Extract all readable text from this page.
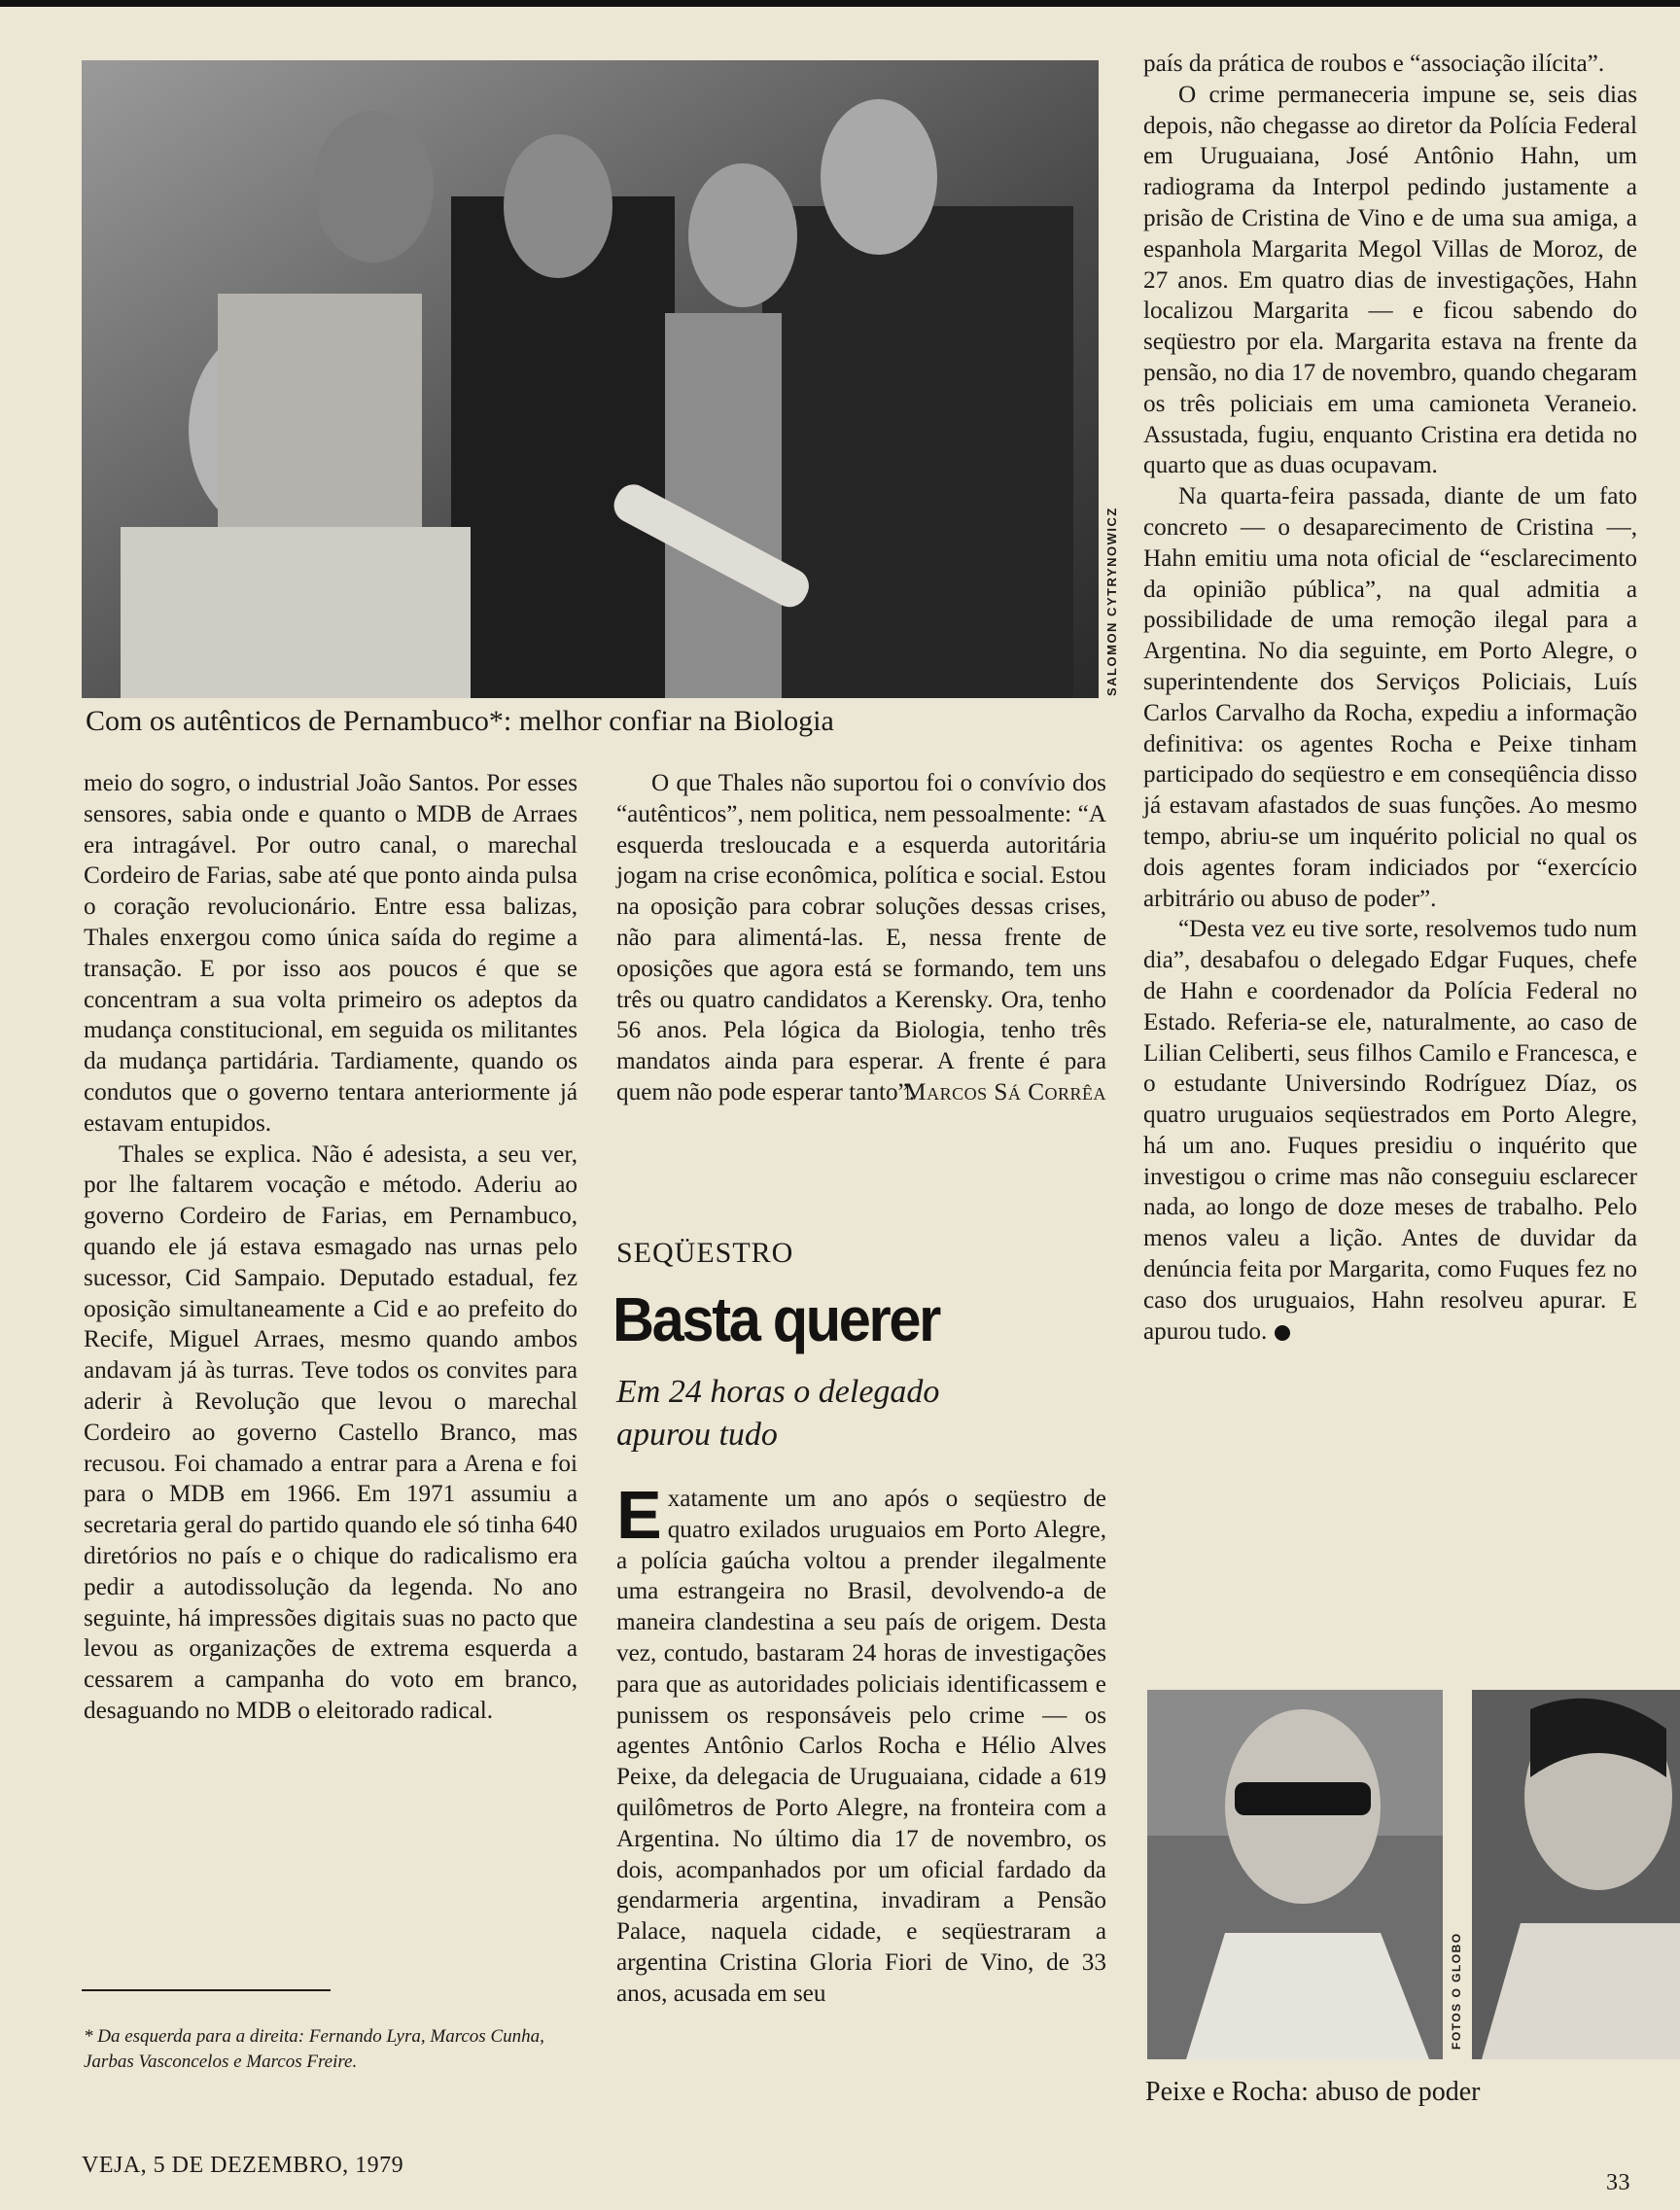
SALOMON CYTRYNOWICZ
Com os autênticos de Pernambuco*: melhor confiar na Biologia

meio do sogro, o industrial João Santos. Por esses sensores, sabia onde e quanto o MDB de Arraes era intragável. Por outro canal, o marechal Cordeiro de Farias, sabe até que ponto ainda pulsa o coração revolucionário. Entre essa balizas, Thales enxergou como única saída do regime a transação. E por isso aos poucos é que se concentram a sua volta primeiro os adeptos da mudança constitucional, em seguida os militantes da mudança partidária. Tardiamente, quando os condutos que o governo tentara anteriormente já estavam entupidos.

Thales se explica. Não é adesista, a seu ver, por lhe faltarem vocação e método. Aderiu ao governo Cordeiro de Farias, em Pernambuco, quando ele já estava esmagado nas urnas pelo sucessor, Cid Sampaio. Deputado estadual, fez oposição simultaneamente a Cid e ao prefeito do Recife, Miguel Arraes, mesmo quando ambos andavam já às turras. Teve todos os convites para aderir à Revolução que levou o marechal Cordeiro ao governo Castello Branco, mas recusou. Foi chamado a entrar para a Arena e foi para o MDB em 1966. Em 1971 assumiu a secretaria geral do partido quando ele só tinha 640 diretórios no país e o chique do radicalismo era pedir a autodissolução da legenda. No ano seguinte, há impressões digitais suas no pacto que levou as organizações de extrema esquerda a cessarem a campanha do voto em branco, desaguando no MDB o eleitorado radical.

* Da esquerda para a direita: Fernando Lyra, Marcos Cunha, Jarbas Vasconcelos e Marcos Freire.

O que Thales não suportou foi o convívio dos “autênticos”, nem politica, nem pessoalmente: “A esquerda tresloucada e a esquerda autoritária jogam na crise econômica, política e social. Estou na oposição para cobrar soluções dessas crises, não para alimentá-las. E, nessa frente de oposições que agora está se formando, tem uns três ou quatro candidatos a Kerensky. Ora, tenho 56 anos. Pela lógica da Biologia, tenho três mandatos ainda para esperar. A frente é para quem não pode esperar tanto”.

Marcos Sá Corrêa
SEQÜESTRO
Basta querer
Em 24 horas o delegado apurou tudo

Exatamente um ano após o seqüestro de quatro exilados uruguaios em Porto Alegre, a polícia gaúcha voltou a prender ilegalmente uma estrangeira no Brasil, devolvendo-a de maneira clandestina a seu país de origem. Desta vez, contudo, bastaram 24 horas de investigações para que as autoridades policiais identificassem e punissem os responsáveis pelo crime — os agentes Antônio Carlos Rocha e Hélio Alves Peixe, da delegacia de Uruguaiana, cidade a 619 quilômetros de Porto Alegre, na fronteira com a Argentina. No último dia 17 de novembro, os dois, acompanhados por um oficial fardado da gendarmeria argentina, invadiram a Pensão Palace, naquela cidade, e seqüestraram a argentina Cristina Gloria Fiori de Vino, de 33 anos, acusada em seu

país da prática de roubos e “associação ilícita”.

O crime permaneceria impune se, seis dias depois, não chegasse ao diretor da Polícia Federal em Uruguaiana, José Antônio Hahn, um radiograma da Interpol pedindo justamente a prisão de Cristina de Vino e de uma sua amiga, a espanhola Margarita Megol Villas de Moroz, de 27 anos. Em quatro dias de investigações, Hahn localizou Margarita — e ficou sabendo do seqüestro por ela. Margarita estava na frente da pensão, no dia 17 de novembro, quando chegaram os três policiais em uma camioneta Veraneio. Assustada, fugiu, enquanto Cristina era detida no quarto que as duas ocupavam.

Na quarta-feira passada, diante de um fato concreto — o desaparecimento de Cristina —, Hahn emitiu uma nota oficial de “esclarecimento da opinião pública”, na qual admitia a possibilidade de uma remoção ilegal para a Argentina. No dia seguinte, em Porto Alegre, o superintendente dos Serviços Policiais, Luís Carlos Carvalho da Rocha, expediu a informação definitiva: os agentes Rocha e Peixe tinham participado do seqüestro e em conseqüência disso já estavam afastados de suas funções. Ao mesmo tempo, abriu-se um inquérito policial no qual os dois agentes foram indiciados por “exercício arbitrário ou abuso de poder”.

“Desta vez eu tive sorte, resolvemos tudo num dia”, desabafou o delegado Edgar Fuques, chefe de Hahn e coordenador da Polícia Federal no Estado. Referia-se ele, naturalmente, ao caso de Lilian Celiberti, seus filhos Camilo e Francesca, e o estudante Universindo Rodríguez Díaz, os quatro uruguaios seqüestrados em Porto Alegre, há um ano. Fuques presidiu o inquérito que investigou o crime mas não conseguiu esclarecer nada, ao longo de doze meses de trabalho. Pelo menos valeu a lição. Antes de duvidar da denúncia feita por Margarita, como Fuques fez no caso dos uruguaios, Hahn resolveu apurar. E apurou tudo.

FOTOS O GLOBO
Peixe e Rocha: abuso de poder
VEJA, 5 DE DEZEMBRO, 1979
33
